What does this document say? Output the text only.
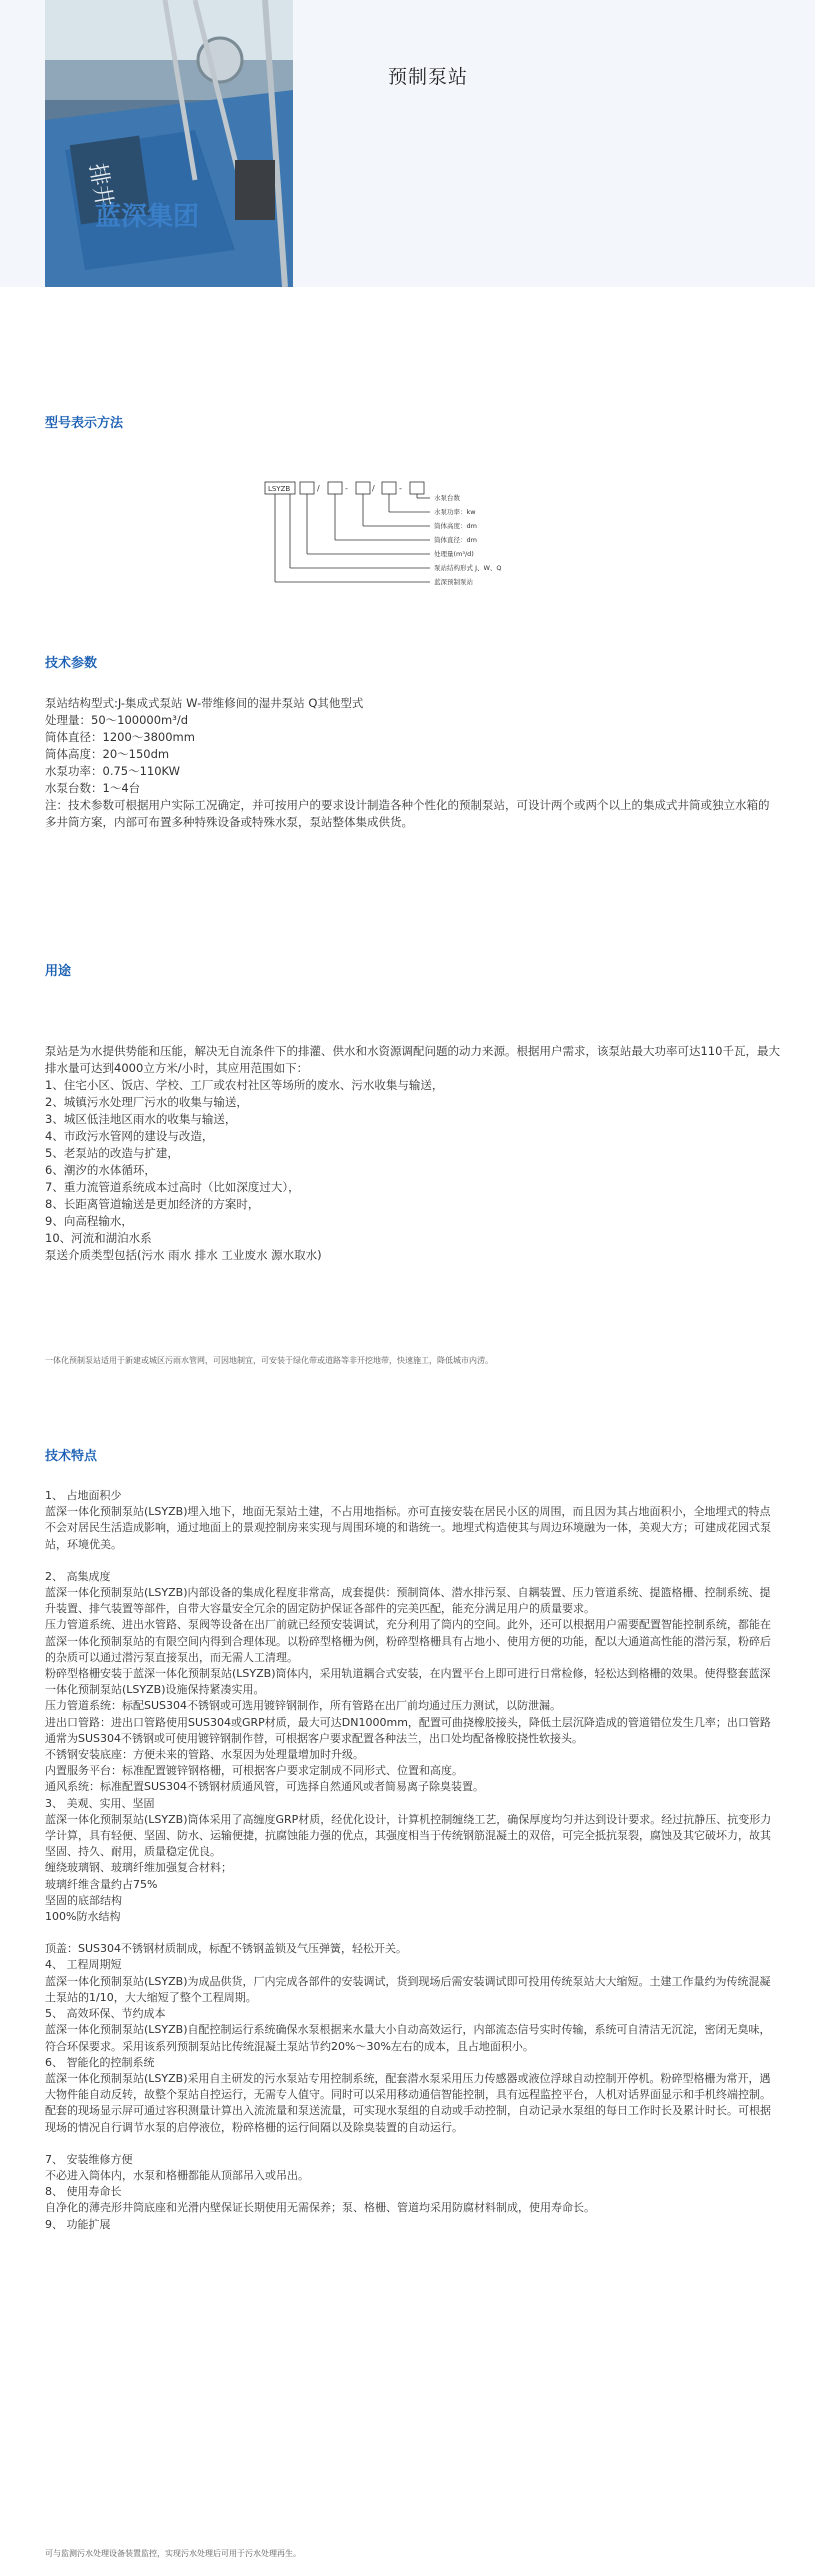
排井
蓝深集团
预制泵站
型号表示方法
LSYZB	/	-	/	-
水泵台数
水泵功率：kw
筒体高度：dm
筒体直径：dm
处理量(m³/d)
泵站结构形式 J、W、Q
蓝深预制泵站
技术参数
泵站结构型式:J-集成式泵站 W-带维修间的湿井泵站 Q其他型式
处理量：50～100000m³/d
筒体直径：1200～3800mm
筒体高度：20～150dm
水泵功率：0.75～110KW
水泵台数：1～4台
注：技术参数可根据用户实际工况确定，并可按用户的要求设计制造各种个性化的预制泵站，可设计两个或两个以上的集成式井筒或独立水箱的多井筒方案，内部可布置多种特殊设备或特殊水泵，泵站整体集成供货。
用途
泵站是为水提供势能和压能，解决无自流条件下的排灌、供水和水资源调配问题的动力来源。根据用户需求，该泵站最大功率可达110千瓦，最大排水量可达到4000立方米/小时，其应用范围如下：
1、住宅小区、饭店、学校、工厂或农村社区等场所的废水、污水收集与输送，
2、城镇污水处理厂污水的收集与输送，
3、城区低洼地区雨水的收集与输送，
4、市政污水管网的建设与改造，
5、老泵站的改造与扩建，
6、潮汐的水体循环，
7、重力流管道系统成本过高时（比如深度过大），
8、长距离管道输送是更加经济的方案时，
9、向高程输水，
10、河流和湖泊水系
泵送介质类型包括(污水 雨水 排水 工业废水 源水取水)
一体化预制泵站适用于新建或城区污雨水管网，可因地制宜，可安装于绿化带或道路等非开挖地带，快速施工，降低城市内涝。
技术特点
1、 占地面积少
蓝深一体化预制泵站(LSYZB)埋入地下，地面无泵站土建，不占用地指标。亦可直接安装在居民小区的周围，而且因为其占地面积小，全地埋式的特点不会对居民生活造成影响，通过地面上的景观控制房来实现与周围环境的和谐统一。地埋式构造使其与周边环境融为一体，美观大方；可建成花园式泵站，环境优美。
2、 高集成度
蓝深一体化预制泵站(LSYZB)内部设备的集成化程度非常高，成套提供：预制筒体、潜水排污泵、自耦装置、压力管道系统、提篮格栅、控制系统、提升装置、排气装置等部件，自带大容量安全冗余的固定防护保证各部件的完美匹配，能充分满足用户的质量要求。
压力管道系统、进出水管路、泵阀等设备在出厂前就已经预安装调试，充分利用了筒内的空间。此外，还可以根据用户需要配置智能控制系统，都能在蓝深一体化预制泵站的有限空间内得到合理体现。以粉碎型格栅为例，粉碎型格栅具有占地小、使用方便的功能，配以大通道高性能的潜污泵，粉碎后的杂质可以通过潜污泵直接泵出，而无需人工清理。
粉碎型格栅安装于蓝深一体化预制泵站(LSYZB)筒体内，采用轨道耦合式安装，在内置平台上即可进行日常检修，轻松达到格栅的效果。使得整套蓝深一体化预制泵站(LSYZB)设施保持紧凑实用。
压力管道系统：标配SUS304不锈钢或可选用镀锌钢制作，所有管路在出厂前均通过压力测试，以防泄漏。
进出口管路：进出口管路使用SUS304或GRP材质，最大可达DN1000mm，配置可曲挠橡胶接头，降低土层沉降造成的管道错位发生几率；出口管路通常为SUS304不锈钢或可使用镀锌钢制作替，可根据客户要求配置各种法兰，出口处均配备橡胶挠性软接头。
不锈钢安装底座：方便未来的管路、水泵因为处理量增加时升级。
内置服务平台：标准配置镀锌钢格栅，可根据客户要求定制成不同形式、位置和高度。
通风系统：标准配置SUS304不锈钢材质通风管，可选择自然通风或者简易离子除臭装置。
3、 美观、实用、坚固
蓝深一体化预制泵站(LSYZB)筒体采用了高缠度GRP材质，经优化设计，计算机控制缠绕工艺，确保厚度均匀并达到设计要求。经过抗静压、抗变形力学计算，具有轻便、坚固、防水、运输便捷，抗腐蚀能力强的优点，其强度相当于传统钢筋混凝土的双倍，可完全抵抗泵裂，腐蚀及其它破坏力，故其坚固、持久、耐用，质量稳定优良。
缠绕玻璃钢、玻璃纤维加强复合材料；
玻璃纤维含量约占75%
坚固的底部结构
100%防水结构
顶盖：SUS304不锈钢材质制成，标配不锈钢盖锁及气压弹簧，轻松开关。
4、 工程周期短
蓝深一体化预制泵站(LSYZB)为成品供货，厂内完成各部件的安装调试，货到现场后需安装调试即可投用传统泵站大大缩短。土建工作量约为传统混凝土泵站的1/10，大大缩短了整个工程周期。
5、 高效环保、节约成本
蓝深一体化预制泵站(LSYZB)自配控制运行系统确保水泵根据来水量大小自动高效运行，内部流态信号实时传输，系统可自清洁无沉淀，密闭无臭味，符合环保要求。采用该系列预制泵站比传统混凝土泵站节约20%～30%左右的成本，且占地面积小。
6、 智能化的控制系统
蓝深一体化预制泵站(LSYZB)采用自主研发的污水泵站专用控制系统，配套潜水泵采用压力传感器或液位浮球自动控制开停机。粉碎型格栅为常开，遇大物件能自动反转，故整个泵站自控运行，无需专人值守。同时可以采用移动通信智能控制，具有远程监控平台，人机对话界面显示和手机终端控制。配套的现场显示屏可通过容积测量计算出入流流量和泵送流量，可实现水泵组的自动或手动控制，自动记录水泵组的每日工作时长及累计时长。可根据现场的情况自行调节水泵的启停液位，粉碎格栅的运行间隔以及除臭装置的自动运行。
7、 安装维修方便
不必进入筒体内，水泵和格栅都能从顶部吊入或吊出。
8、 使用寿命长
自净化的薄壳形井筒底座和光滑内壁保证长期使用无需保养；泵、格栅、管道均采用防腐材料制成，使用寿命长。
9、 功能扩展
可与监测污水处理设备装置监控，实现污水处理后可用于污水处理再生。
